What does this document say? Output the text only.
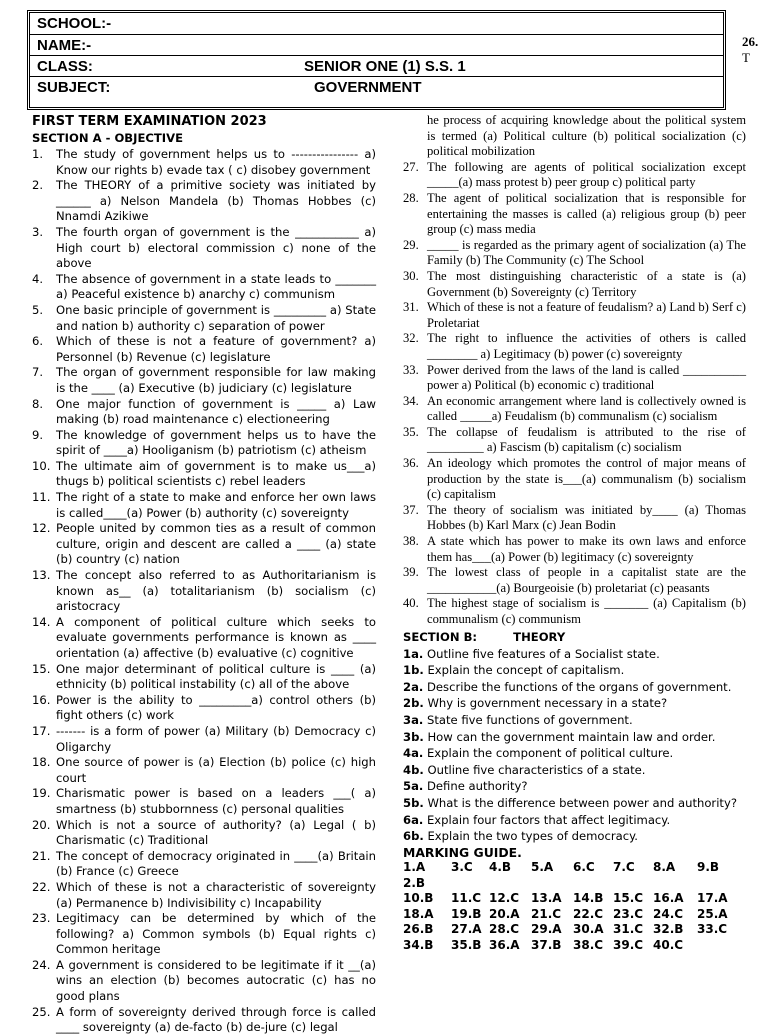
SCHOOL:-
NAME:-
CLASS:	SENIOR ONE (1) S.S. 1
SUBJECT:	GOVERNMENT
26.
T
FIRST TERM EXAMINATION 2023
SECTION A - OBJECTIVE
1.	The study of government helps us to ---------------- a) Know our rights b) evade tax ( c) disobey government
2.	The THEORY of a primitive society was initiated by ______ a) Nelson Mandela (b) Thomas Hobbes (c) Nnamdi Azikiwe
3.	The fourth organ of government is the ___________ a) High court b) electoral commission c) none of the above
4.	The absence of government in a state leads to _______ a) Peaceful existence b) anarchy c) communism
5.	One basic principle of government is _________ a) State and nation b) authority c) separation of power
6.	Which of these is not a feature of government? a) Personnel (b) Revenue (c) legislature
7.	The organ of government responsible for law making is the ____ (a) Executive (b) judiciary (c) legislature
8.	One major function of government is _____ a) Law making (b) road maintenance c) electioneering
9.	The knowledge of government helps us to have the spirit of ____a) Hooliganism (b) patriotism (c) atheism
10. The ultimate aim of government is to make us___a) thugs b) political scientists c) rebel leaders
11. The right of a state to make and enforce her own laws is called____(a) Power (b) authority (c) sovereignty
12. People united by common ties as a result of common culture, origin and descent are called a ____ (a) state (b) country (c) nation
13. The concept also referred to as Authoritarianism is known as__ (a) totalitarianism (b) socialism (c) aristocracy
14. A component of political culture which seeks to evaluate governments performance is known as ____ orientation (a) affective (b) evaluative (c) cognitive
15. One major determinant of political culture is ____ (a) ethnicity (b) political instability (c) all of the above
16. Power is the ability to _________a) control others (b) fight others (c) work
17. ------- is a form of power (a) Military (b) Democracy c) Oligarchy
18. One source of power is (a) Election (b) police (c) high court
19. Charismatic power is based on a leaders ___( a) smartness (b) stubbornness (c) personal qualities
20. Which is not a source of authority? (a) Legal ( b) Charismatic (c) Traditional
21. The concept of democracy originated in ____(a) Britain (b) France (c) Greece
22. Which of these is not a characteristic of sovereignty (a) Permanence b) Indivisibility c) Incapability
23. Legitimacy can be determined by which of the following? a) Common symbols (b) Equal rights c) Common heritage
24. A government is considered to be legitimate if it __(a) wins an election (b) becomes autocratic (c) has no good plans
25. A form of sovereignty derived through force is called ____ sovereignty (a) de-facto (b) de-jure (c) legal
he process of acquiring knowledge about the political system is termed (a) Political culture (b) political socialization (c) political mobilization
27. The following are agents of political socialization except _____(a) mass protest b) peer group c) political party
28. The agent of political socialization that is responsible for entertaining the masses is called (a) religious group (b) peer group (c) mass media
29. _____ is regarded as the primary agent of socialization (a) The Family (b) The Community (c) The School
30. The most distinguishing characteristic of a state is (a) Government (b) Sovereignty (c) Territory
31. Which of these is not a feature of feudalism? a) Land b) Serf c) Proletariat
32. The right to influence the activities of others is called ________ a) Legitimacy (b) power (c) sovereignty
33. Power derived from the laws of the land is called __________ power a) Political (b) economic c) traditional
34. An economic arrangement where land is collectively owned is called _____a) Feudalism (b) communalism (c) socialism
35. The collapse of feudalism is attributed to the rise of _________ a) Fascism (b) capitalism (c) socialism
36. An ideology which promotes the control of major means of production by the state is___(a) communalism (b) socialism (c) capitalism
37. The theory of socialism was initiated by____ (a) Thomas Hobbes (b) Karl Marx (c) Jean Bodin
38. A state which has power to make its own laws and enforce them has___(a) Power (b) legitimacy (c) sovereignty
39. The lowest class of people in a capitalist state are the ___________(a) Bourgeoisie (b) proletariat (c) peasants
40. The highest stage of socialism is _______ (a) Capitalism (b) communalism (c) communism
SECTION B:	THEORY
1a. Outline five features of a Socialist state.
1b. Explain the concept of capitalism.
2a. Describe the functions of the organs of government.
2b. Why is government necessary in a state?
3a. State five functions of government.
3b. How can the government maintain law and order.
4a. Explain the component of political culture.
4b. Outline five characteristics of a state.
5a. Define authority?
5b. What is the difference between power and authority?
6a. Explain four factors that affect legitimacy.
6b. Explain the two types of democracy.
MARKING GUIDE.
1.A 2.B
3.C	4.B	5.A	6.C	7.C	8.A	9.B
10.B	11.C 12.C 13.A 14.B 15.C 16.A	17.A
18.A	19.B 20.A 21.C 22.C 23.C 24.C	25.A
26.B	27.A 28.C 29.A 30.A 31.C 32.B	33.C
34.B	35.B 36.A 37.B 38.C 39.C 40.C
